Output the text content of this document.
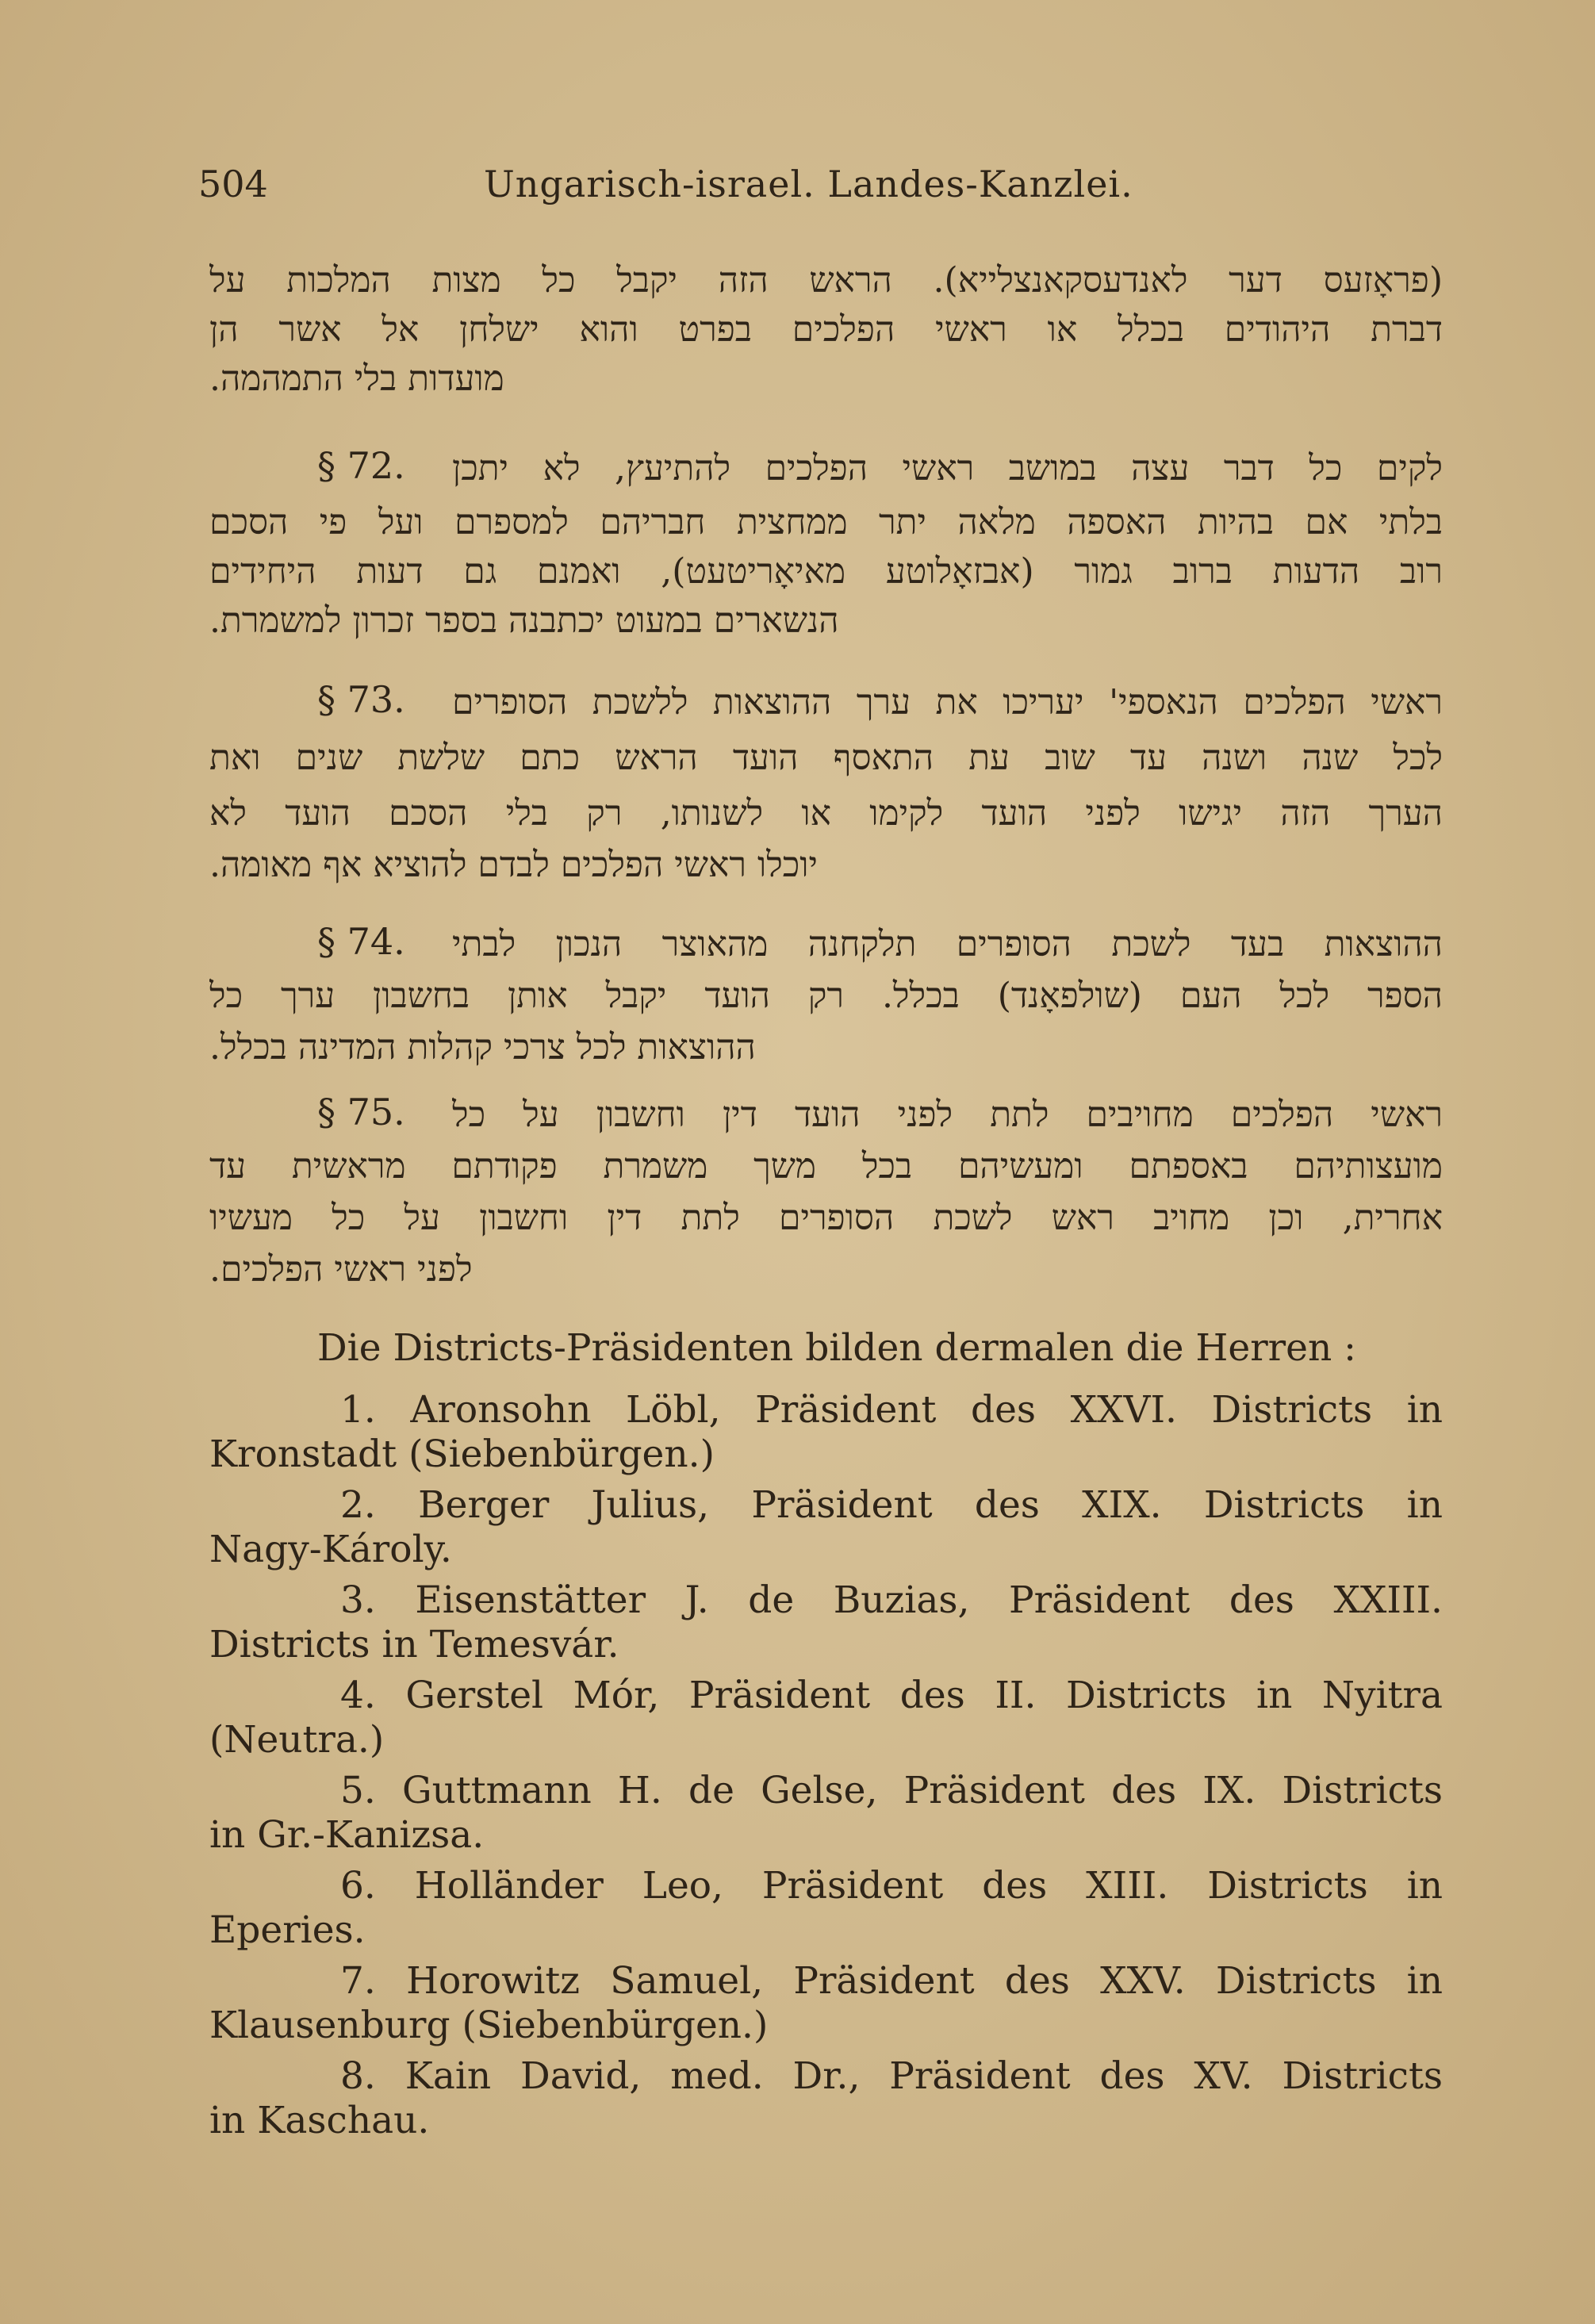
504	Ungarisch-israel. Landes-Kanzlei.
(פראָזעס דער לאנדעסקאנצלייא). הראש הזה יקבל כל מצות המלכות על
דברת היהודים בכלל או ראשי הפלכים בפרט והוא ישלחן אל אשר הן
מועדות בלי התמהמה.
§ 72. לקים כל דבר עצה במושב ראשי הפלכים להתיעץ, לא יתכן
בלתי אם בהיות האספה מלאה יתר ממחצית חבריהם למספרם ועל פי הסכם
רוב הדעות ברוב גמור (אבזאָלוטע מאיאָריטעט), ואמנם גם דעות היחידים
הנשארים במעוט יכתבנה בספר זכרון למשמרת.
§ 73. ראשי הפלכים הנאספי' יעריכו את ערך ההוצאות ללשכת הסופרים
לכל שנה ושנה עד שוב עת התאסף הועד הראש כתם שלשת שנים ואת
הערך הזה יגישו לפני הועד לקימו או לשנותו, רק בלי הסכם הועד לא
יוכלו ראשי הפלכים לבדם להוציא אף מאומה.
§ 74. ההוצאות בעד לשכת הסופרים תלקחנה מהאוצר הנכון לבתי
הספר לכל העם (שולפאָנד) בכלל. רק הועד יקבל אותן בחשבון ערך כל
ההוצאות לכל צרכי קהלות המדינה בכלל.
§ 75. ראשי הפלכים מחויבים לתת לפני הועד דין וחשבון על כל
מועצותיהם באספתם ומעשיהם בכל משך משמרת פקודתם מראשית עד
אחרית, וכן מחויב ראש לשכת הסופרים לתת דין וחשבון על כל מעשיו
לפני ראשי הפלכים.
Die Districts-Präsidenten bilden dermalen die Herren :
1. Aronsohn Löbl, Präsident des XXVI. Districts in
Kronstadt (Siebenbürgen.)
2. Berger Julius, Präsident des XIX. Districts in
Nagy-Károly.
3. Eisenstätter J. de Buzias, Präsident des XXIII.
Districts in Temesvár.
4. Gerstel Mór, Präsident des II. Districts in Nyitra
(Neutra.)
5. Guttmann H. de Gelse, Präsident des IX. Districts
in Gr.-Kanizsa.
6. Holländer Leo, Präsident des XIII. Districts in
Eperies.
7. Horowitz Samuel, Präsident des XXV. Districts in
Klausenburg (Siebenbürgen.)
8. Kain David, med. Dr., Präsident des XV. Districts
in Kaschau.
